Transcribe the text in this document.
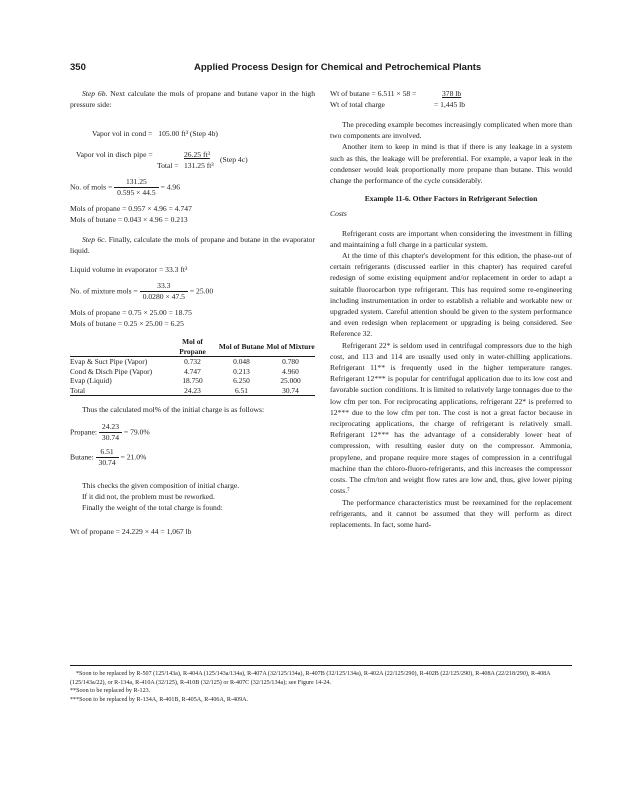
350	Applied Process Design for Chemical and Petrochemical Plants

Step 6b. Next calculate the mols of propane and butane vapor in the high pressure side:

Vapor vol in cond = 105.00 ft³ (Step 4b)
Vapor vol in disch pipe =	26.25 ft³
(Step 4c)
Total = 131.25 ft³
No. of mols = $\frac{131.25}{0.595 \times 44.5} = 4.96$

Mols of propane = 0.957 × 4.96 = 4.747

Mols of butane = 0.043 × 4.96 = 0.213

Step 6c. Finally, calculate the mols of propane and butane in the evaporator liquid.

Liquid volume in evaporator = 33.3 ft³

No. of mixture mols = $\frac{33.3}{0.0280 \times 47.5} = 25.00$

Mols of propane = 0.75 × 25.00 = 18.75

Mols of butane = 0.25 × 25.00 = 6.25

	Mol of Propane	Mol of Butane	Mol of Mixture
Evap & Suct Pipe (Vapor)	0.732	0.048	0.780
Cond & Disch Pipe (Vapor)	4.747	0.213	4.960
Evap (Liquid)	18.750	6.250	25.000
Total	24.23	6.51	30.74

Thus the calculated mol% of the initial charge is as follows:

Propane: $\frac{24.23}{30.74} = 79.0\%$
Butane: $\frac{6.51}{30.74} = 21.0\%$

This checks the given composition of initial charge.

If it did not, the problem must be reworked.

Finally the weight of the total charge is found:

Wt of propane = 24.229 × 44 = 1,067 lb

Wt of butane = 6.511 × 58 =	378 lb
Wt of total charge	= 1,445 lb

The preceding example becomes increasingly complicated when more than two components are involved.

Another item to keep in mind is that if there is any leakage in a system such as this, the leakage will be preferential. For example, a vapor leak in the condenser would leak proportionally more propane than butane. This would change the performance of the cycle considerably.

Example 11-6. Other Factors in Refrigerant Selection

Costs

Refrigerant costs are important when considering the investment in filling and maintaining a full charge in a particular system.

At the time of this chapter's development for this edition, the phase-out of certain refrigerants (discussed earlier in this chapter) has required careful redesign of some existing equipment and/or replacement in order to adapt a suitable fluorocarbon type refrigerant. This has required some re-engineering including instrumentation in order to establish a reliable and workable new or upgraded system. Careful attention should be given to the system performance and even redesign when replacement or upgrading is being considered. See Reference 32.

Refrigerant 22* is seldom used in centrifugal compressors due to the high cost, and 113 and 114 are usually used only in water-chilling applications. Refrigerant 11** is frequently used in the higher temperature ranges. Refrigerant 12*** is popular for centrifugal application due to its low cost and favorable suction conditions. It is limited to relatively large tonnages due to the low cfm per ton. For reciprocating applications, refrigerant 22* is preferred to 12*** due to the low cfm per ton. The cost is not a great factor because in reciprocating applications, the charge of refrigerant is relatively small. Refrigerant 12*** has the advantage of a considerably lower heat of compression, with resulting easier duty on the compressor. Ammonia, propylene, and propane require more stages of compression in a centrifugal machine than the chloro-fluoro-refrigerants, and this increases the compressor costs. The cfm/ton and weight flow rates are low and, thus, give lower piping costs.⁷

The performance characteristics must be reexamined for the replacement refrigerants, and it cannot be assumed that they will perform as direct replacements. In fact, some hard-

*Soon to be replaced by R-507 (125/143a), R-404A (125/143a/134a), R-407A (32/125/134a), R-407B (32/125/134a), R-402A (22/125/290), R-402B (22/125/290), R-408A (22/218/290), R-408A (125/143a/22), or R-134a, R-410A (32/125), R-410B (32/125) or R-407C (32/125/134a); see Figure 14-24.

**Soon to be replaced by R-123.

***Soon to be replaced by R-134A, R-401B, R-405A, R-406A, R-409A.
